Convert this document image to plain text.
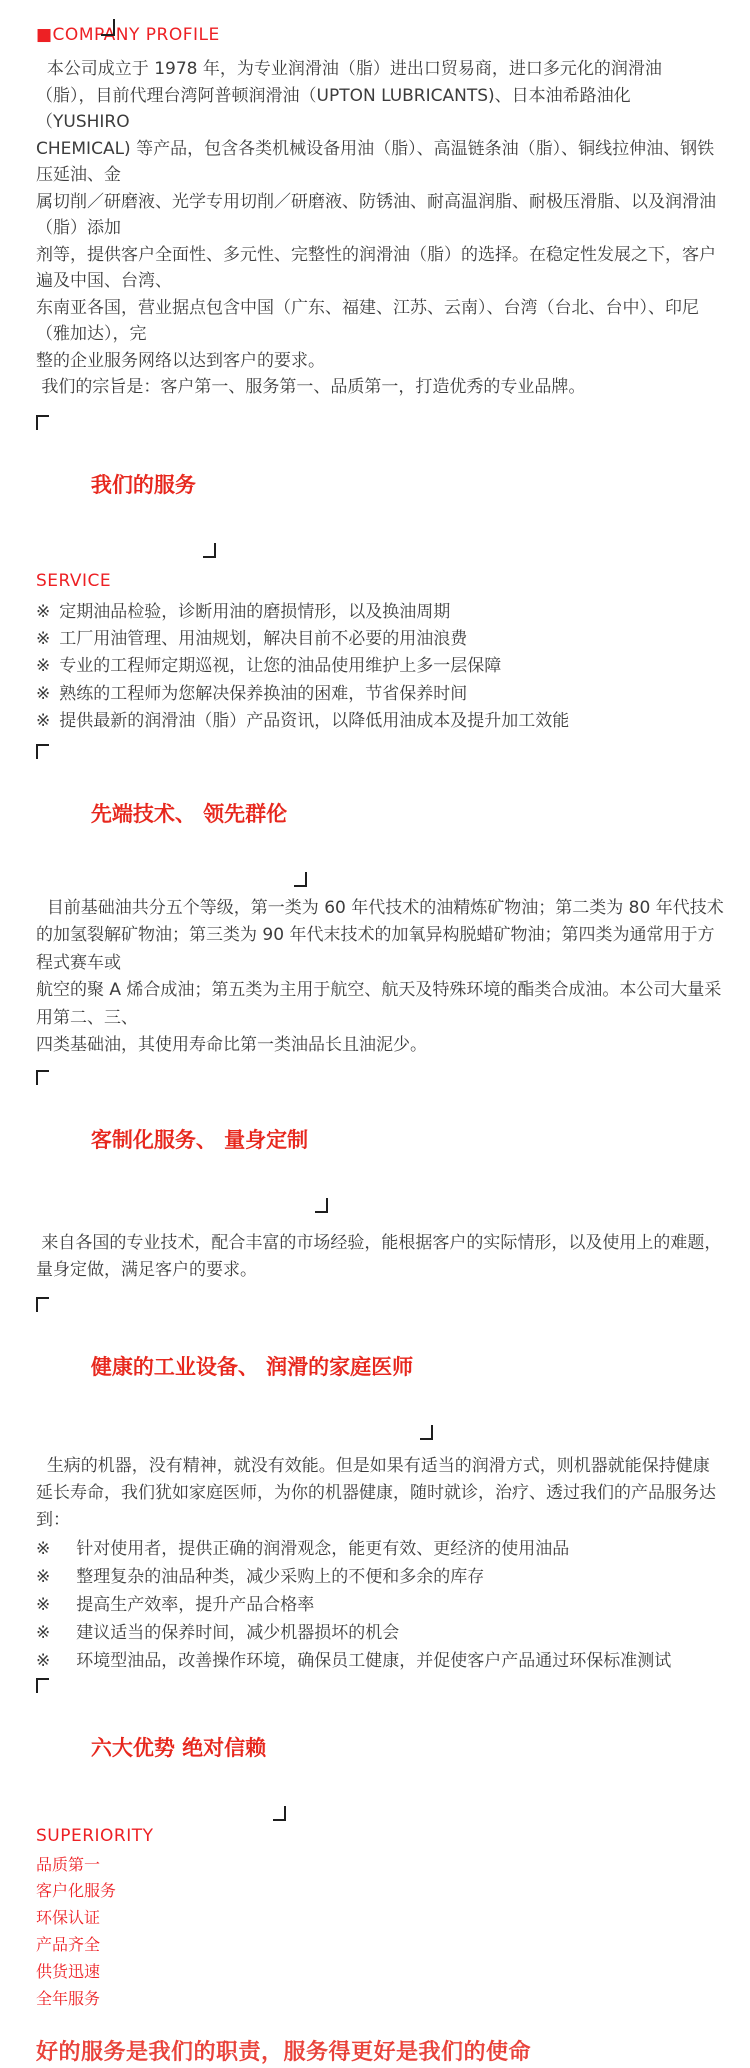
■COMPANY PROFILE
本公司成立于 1978 年，为专业润滑油（脂）进出口贸易商，进口多元化的润滑油
（脂），目前代理台湾阿普顿润滑油（UPTON LUBRICANTS)、日本油希路油化（YUSHIRO
CHEMICAL) 等产品，包含各类机械设备用油（脂）、高温链条油（脂）、铜线拉伸油、钢铁压延油、金
属切削／研磨液、光学专用切削／研磨液、防锈油、耐高温润脂、耐极压滑脂、以及润滑油（脂）添加
剂等，提供客户全面性、多元性、完整性的润滑油（脂）的选择。在稳定性发展之下，客户遍及中国、台湾、
东南亚各国，营业据点包含中国（广东、福建、江苏、云南）、台湾（台北、台中）、印尼（雅加达），完
整的企业服务网络以达到客户的要求。
我们的宗旨是：客户第一、服务第一、品质第一，打造优秀的专业品牌。

我们的服务

SERVICE
※ 定期油品检验，诊断用油的磨损情形，以及换油周期
※ 工厂用油管理、用油规划，解决目前不必要的用油浪费
※ 专业的工程师定期巡视，让您的油品使用维护上多一层保障
※ 熟练的工程师为您解决保养换油的困难，节省保养时间
※ 提供最新的润滑油（脂）产品资讯，以降低用油成本及提升加工效能

先端技术、 领先群伦

目前基础油共分五个等级，第一类为 60 年代技术的油精炼矿物油；第二类为 80 年代技术
的加氢裂解矿物油；第三类为 90 年代末技术的加氧异构脱蜡矿物油；第四类为通常用于方程式赛车或
航空的聚 A 烯合成油；第五类为主用于航空、航天及特殊环境的酯类合成油。本公司大量采用第二、三、
四类基础油，其使用寿命比第一类油品长且油泥少。

客制化服务、 量身定制

来自各国的专业技术，配合丰富的市场经验，能根据客户的实际情形，以及使用上的难题，
量身定做，满足客户的要求。

健康的工业设备、 润滑的家庭医师

生病的机器，没有精神，就没有效能。但是如果有适当的润滑方式，则机器就能保持健康
延长寿命，我们犹如家庭医师，为你的机器健康，随时就诊，治疗、透过我们的产品服务达到：
※ 针对使用者，提供正确的润滑观念，能更有效、更经济的使用油品
※ 整理复杂的油品种类，减少采购上的不便和多余的库存
※ 提高生产效率，提升产品合格率
※ 建议适当的保养时间，减少机器损坏的机会
※ 环境型油品，改善操作环境，确保员工健康，并促使客户产品通过环保标准测试

六大优势 绝对信赖

SUPERIORITY
品质第一
客户化服务
环保认证
产品齐全
供货迅速
全年服务
好的服务是我们的职责，服务得更好是我们的使命
